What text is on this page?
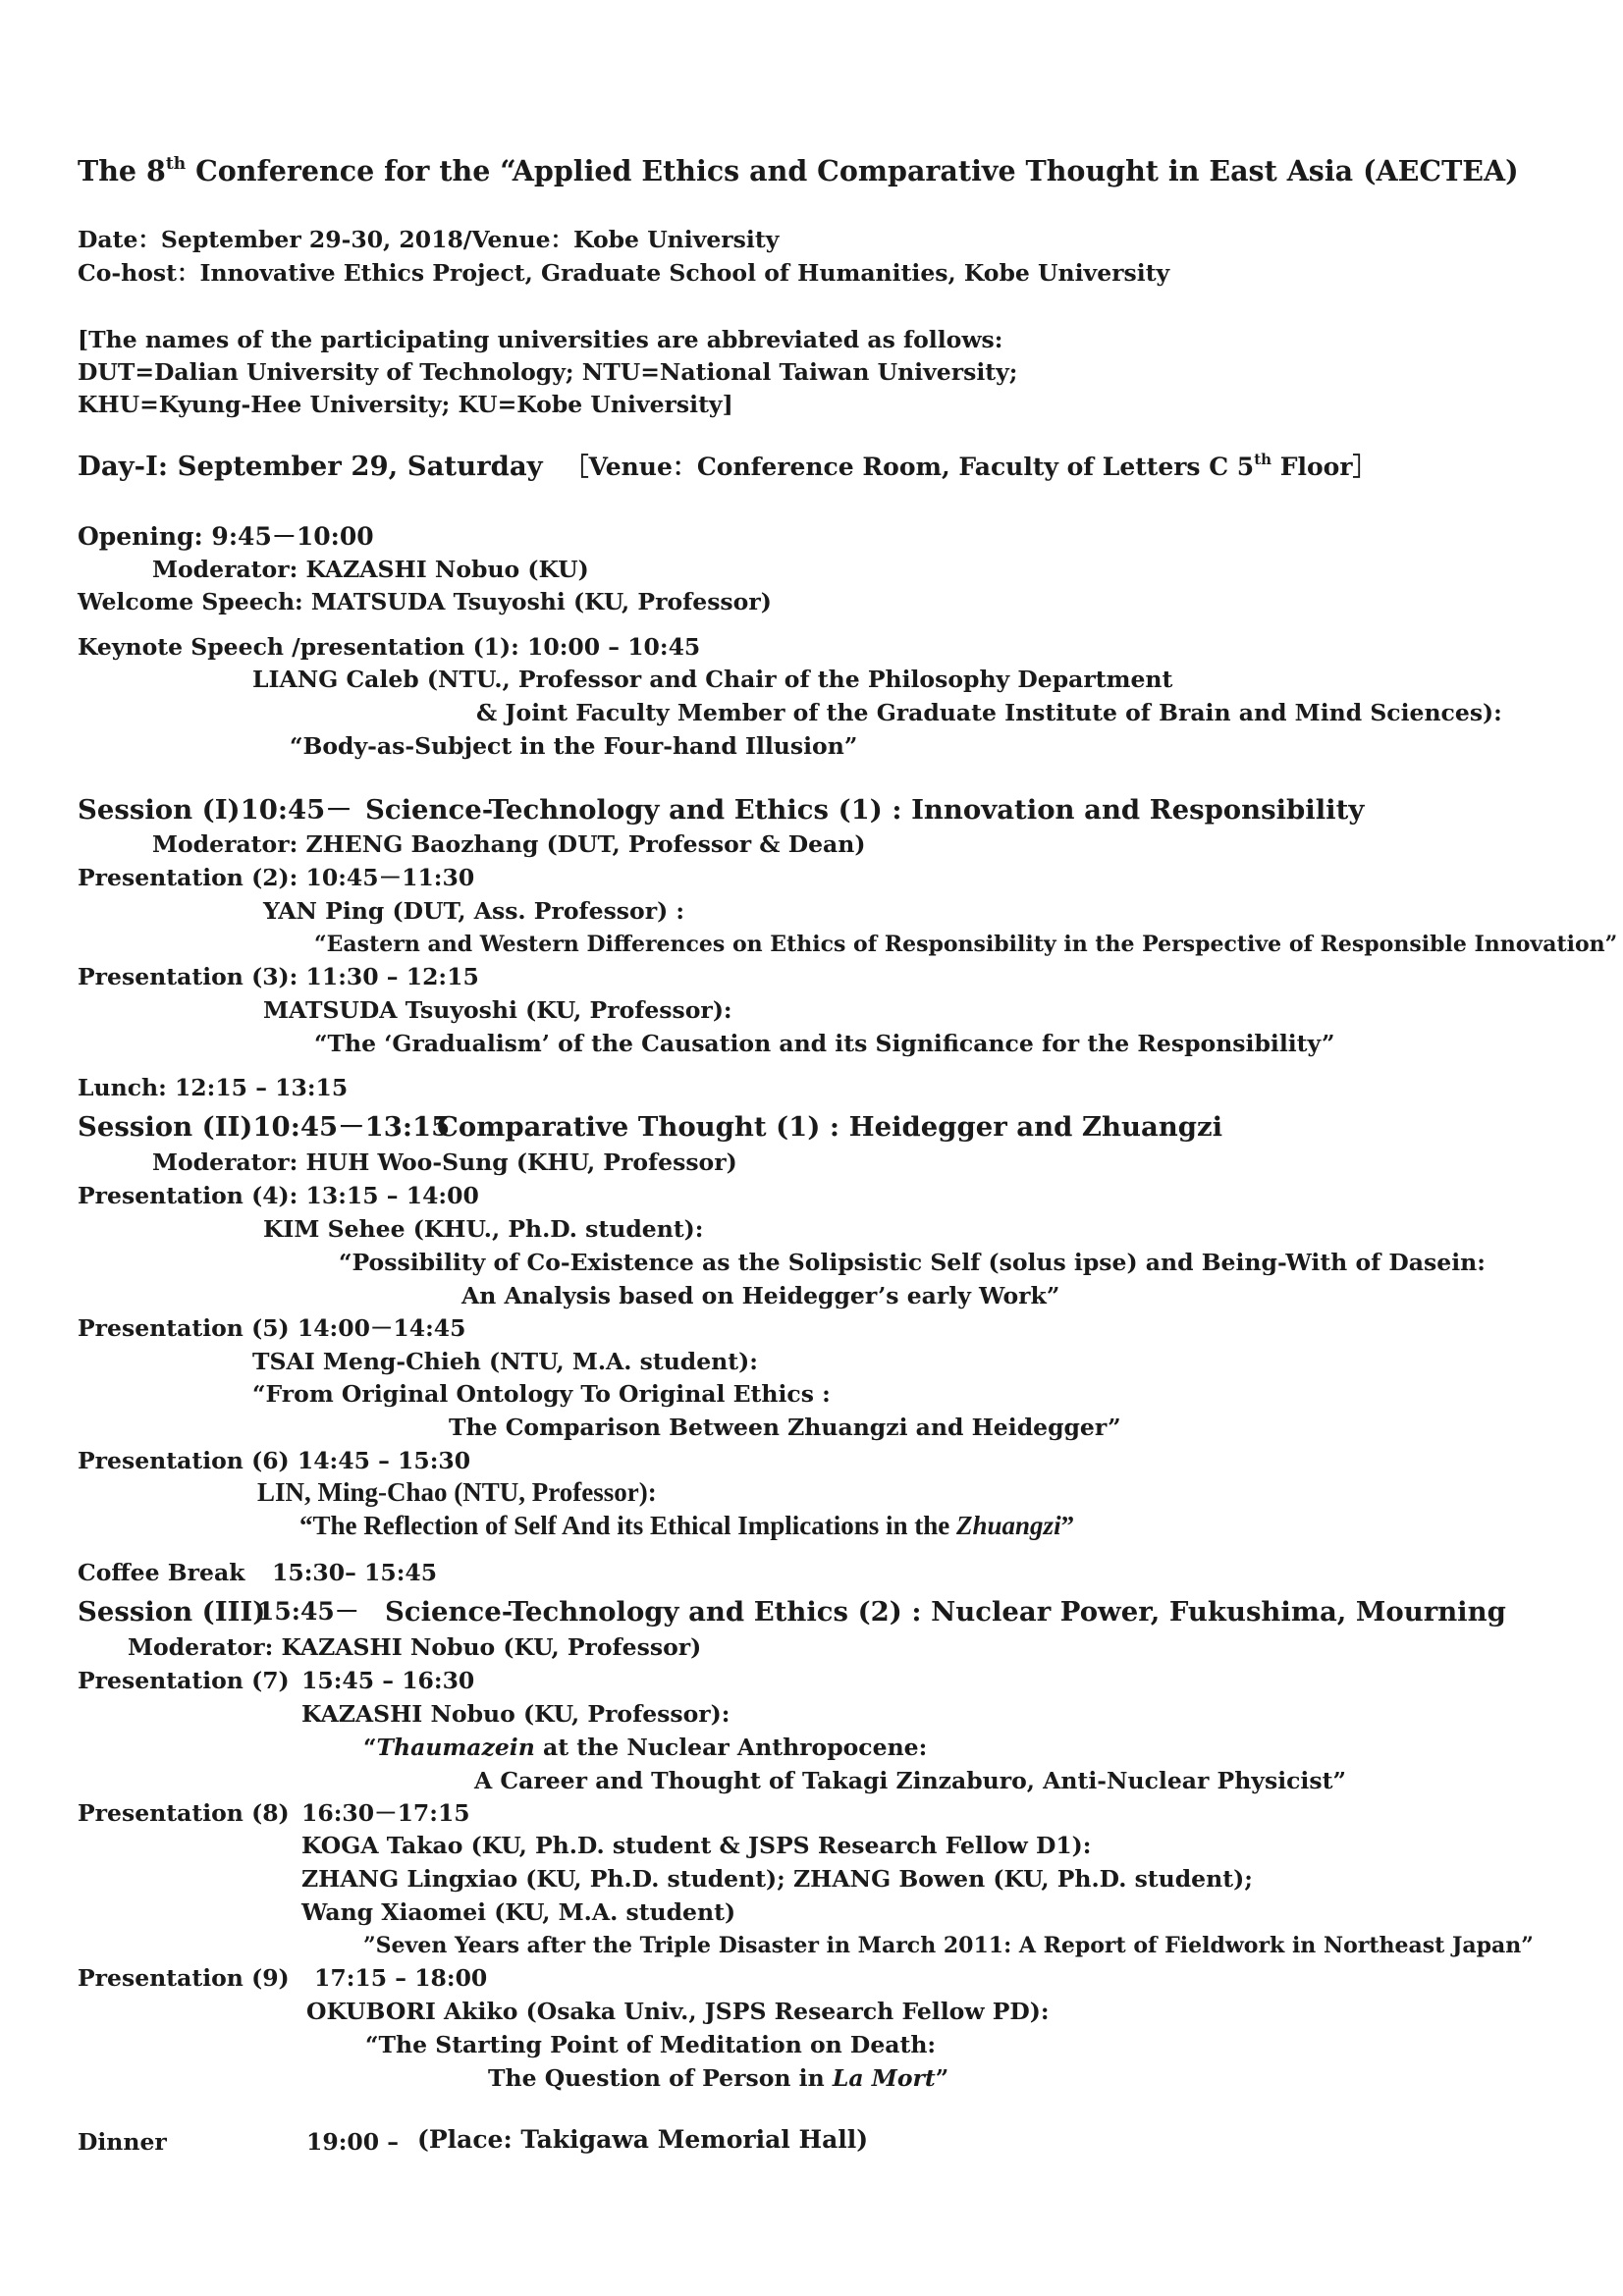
The 8th Conference for the “Applied Ethics and Comparative Thought in East Asia (AECTEA)
Date：September 29-30, 2018/Venue：Kobe University
Co-host：Innovative Ethics Project, Graduate School of Humanities, Kobe University
[The names of the participating universities are abbreviated as follows:
DUT=Dalian University of Technology; NTU=National Taiwan University;
KHU=Kyung-Hee University; KU=Kobe University]
Day-I: September 29, Saturday ［Venue：Conference Room, Faculty of Letters C 5th Floor］
Opening: 9:45－10:00
Moderator: KAZASHI Nobuo (KU)
Welcome Speech: MATSUDA Tsuyoshi (KU, Professor)
Keynote Speech /presentation (1): 10:00 – 10:45
LIANG Caleb (NTU., Professor and Chair of the Philosophy Department
& Joint Faculty Member of the Graduate Institute of Brain and Mind Sciences):
“Body-as-Subject in the Four-hand Illusion”
Session (I)10:45－ Science-Technology and Ethics (1) : Innovation and Responsibility
Moderator: ZHENG Baozhang (DUT, Professor & Dean)
Presentation (2): 10:45－11:30
YAN Ping (DUT, Ass. Professor) :
“Eastern and Western Differences on Ethics of Responsibility in the Perspective of Responsible Innovation”
Presentation (3): 11:30 – 12:15
MATSUDA Tsuyoshi (KU, Professor):
“The ‘Gradualism’ of the Causation and its Significance for the Responsibility”
Lunch: 12:15 – 13:15
Session (II)10:45－13:15
Comparative Thought (1) : Heidegger and Zhuangzi
Moderator: HUH Woo-Sung (KHU, Professor)
Presentation (4): 13:15 – 14:00
KIM Sehee (KHU., Ph.D. student):
“Possibility of Co-Existence as the Solipsistic Self (solus ipse) and Being-With of Dasein:
An Analysis based on Heidegger’s early Work”
Presentation (5) 14:00－14:45
TSAI Meng-Chieh (NTU, M.A. student):
“From Original Ontology To Original Ethics :
The Comparison Between Zhuangzi and Heidegger”
Presentation (6) 14:45 – 15:30
LIN, Ming-Chao (NTU, Professor):
“The Reflection of Self And its Ethical Implications in the Zhuangzi”
Coffee Break 15:30– 15:45
Session (III)
15:45－ Science-Technology and Ethics (2) : Nuclear Power, Fukushima, Mourning
Moderator: KAZASHI Nobuo (KU, Professor)
Presentation (7) 15:45 – 16:30
KAZASHI Nobuo (KU, Professor):
“Thaumazein at the Nuclear Anthropocene:
A Career and Thought of Takagi Zinzaburo, Anti-Nuclear Physicist”
Presentation (8) 16:30－17:15
KOGA Takao (KU, Ph.D. student & JSPS Research Fellow D1):
ZHANG Lingxiao (KU, Ph.D. student); ZHANG Bowen (KU, Ph.D. student);
Wang Xiaomei (KU, M.A. student)
”Seven Years after the Triple Disaster in March 2011: A Report of Fieldwork in Northeast Japan”
Presentation (9) 17:15 – 18:00
OKUBORI Akiko (Osaka Univ., JSPS Research Fellow PD):
“The Starting Point of Meditation on Death:
The Question of Person in La Mort”
Dinner	19:00 – (Place: Takigawa Memorial Hall)
